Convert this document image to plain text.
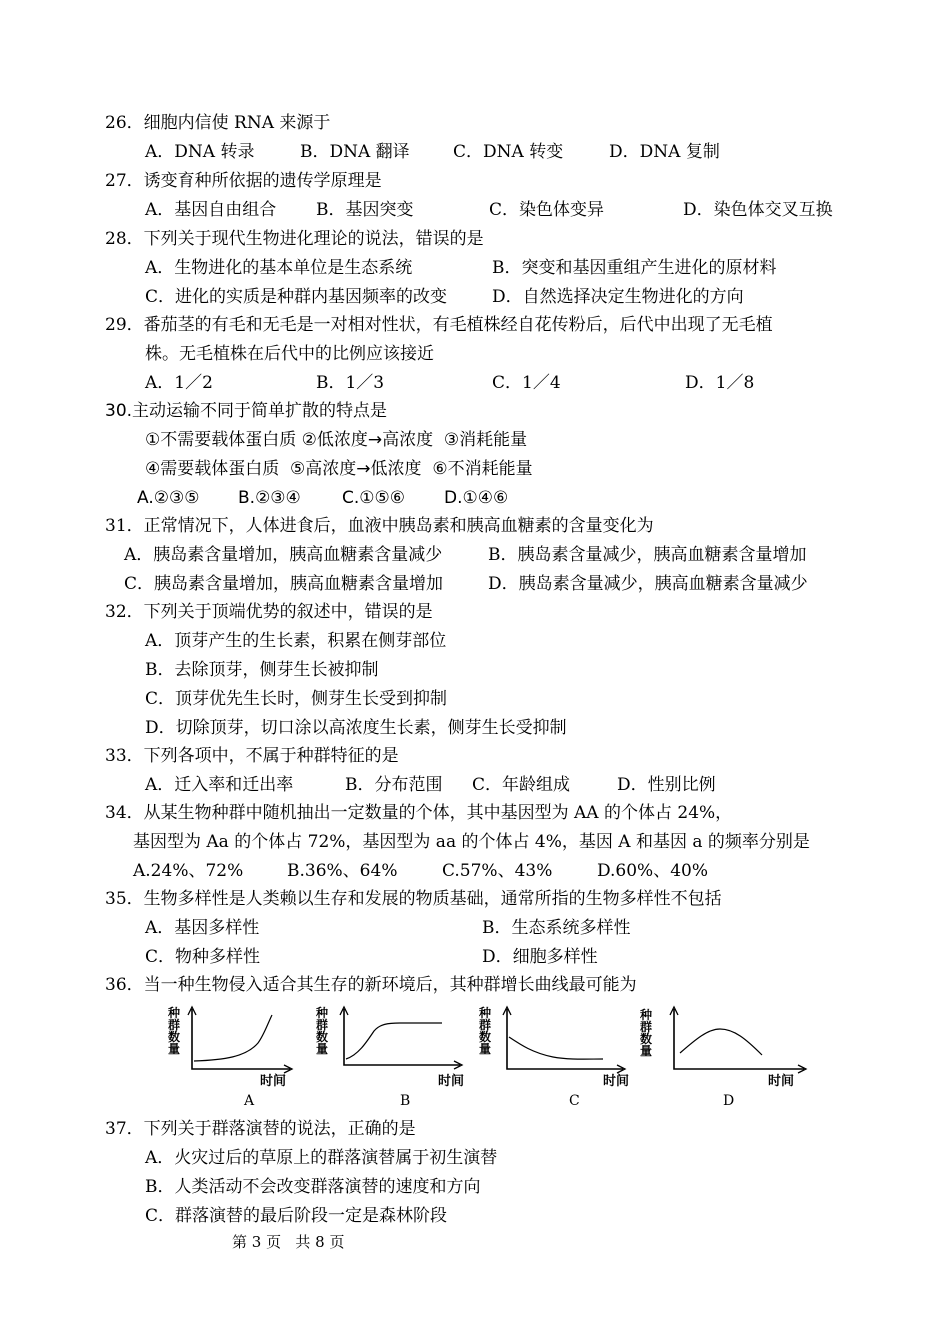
26．细胞内信使 RNA 来源于
A．DNA 转录	B．DNA 翻译	C．DNA 转变	D．DNA 复制
27．诱变育种所依据的遗传学原理是
A．基因自由组合 B．基因突变	C．染色体变异	D．染色体交叉互换
28．下列关于现代生物进化理论的说法，错误的是
A．生物进化的基本单位是生态系统	B．突变和基因重组产生进化的原材料
C．进化的实质是种群内基因频率的改变	D．自然选择决定生物进化的方向
29．番茄茎的有毛和无毛是一对相对性状，有毛植株经自花传粉后，后代中出现了无毛植
株。无毛植株在后代中的比例应该接近
A．1／2	B．1／3	C．1／4	D．1／8
30.主动运输不同于简单扩散的特点是
①不需要载体蛋白质 ②低浓度→高浓度  ③消耗能量
④需要载体蛋白质  ⑤高浓度→低浓度  ⑥不消耗能量
A.②③⑤ B.②③④ C.①⑤⑥ D.①④⑥
31．正常情况下，人体进食后，血液中胰岛素和胰高血糖素的含量变化为
A．胰岛素含量增加，胰高血糖素含量减少	B．胰岛素含量减少，胰高血糖素含量增加
C．胰岛素含量增加，胰高血糖素含量增加	D．胰岛素含量减少，胰高血糖素含量减少
32．下列关于顶端优势的叙述中，错误的是
A．顶芽产生的生长素，积累在侧芽部位
B．去除顶芽，侧芽生长被抑制
C．顶芽优先生长时，侧芽生长受到抑制
D．切除顶芽，切口涂以高浓度生长素，侧芽生长受抑制
33．下列各项中，不属于种群特征的是
A．迁入率和迁出率	B．分布范围 C．年龄组成	D．性别比例
34．从某生物种群中随机抽出一定数量的个体，其中基因型为 AA 的个体占 24%，
基因型为 Aa 的个体占 72%，基因型为 aa 的个体占 4%，基因 A 和基因 a 的频率分别是
A.24%、72%	B.36%、64%	C.57%、43%	D.60%、40%
35．生物多样性是人类赖以生存和发展的物质基础，通常所指的生物多样性不包括
A．基因多样性	B．生态系统多样性
C．物种多样性	D．细胞多样性
36．当一种生物侵入适合其生存的新环境后，其种群增长曲线最可能为
种群数量
时间
A
种群数量
时间
B
种群数量
时间
C
种群数量
时间
D
37．下列关于群落演替的说法，正确的是
A．火灾过后的草原上的群落演替属于初生演替
B．人类活动不会改变群落演替的速度和方向
C．群落演替的最后阶段一定是森林阶段
第 3 页   共 8 页
